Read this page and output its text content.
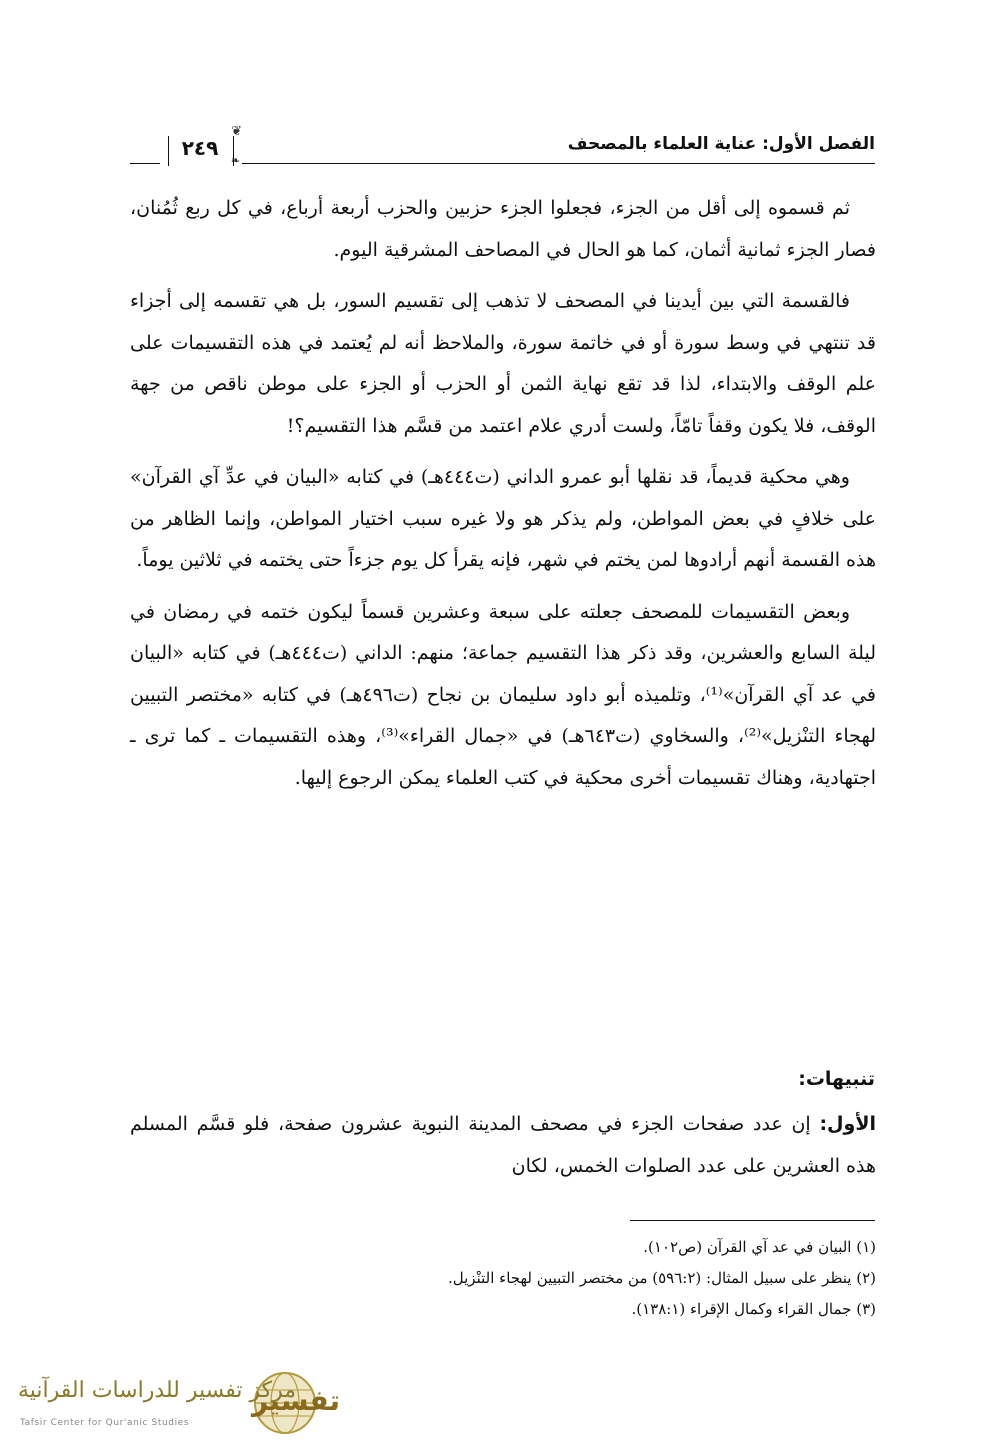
الفصل الأول: عناية العلماء بالمصحف
❦
❧
٢٤٩

ثم قسموه إلى أقل من الجزء، فجعلوا الجزء حزبين والحزب أربعة أرباع، في كل ربع ثُمُنان، فصار الجزء ثمانية أثمان، كما هو الحال في المصاحف المشرقية اليوم.

فالقسمة التي بين أيدينا في المصحف لا تذهب إلى تقسيم السور، بل هي تقسمه إلى أجزاء قد تنتهي في وسط سورة أو في خاتمة سورة، والملاحظ أنه لم يُعتمد في هذه التقسيمات على علم الوقف والابتداء، لذا قد تقع نهاية الثمن أو الحزب أو الجزء على موطن ناقص من جهة الوقف، فلا يكون وقفاً تامّاً، ولست أدري علام اعتمد من قسَّم هذا التقسيم؟!

وهي محكية قديماً، قد نقلها أبو عمرو الداني (ت٤٤٤هـ) في كتابه «البيان في عدِّ آي القرآن» على خلافٍ في بعض المواطن، ولم يذكر هو ولا غيره سبب اختيار المواطن، وإنما الظاهر من هذه القسمة أنهم أرادوها لمن يختم في شهر، فإنه يقرأ كل يوم جزءاً حتى يختمه في ثلاثين يوماً.

وبعض التقسيمات للمصحف جعلته على سبعة وعشرين قسماً ليكون ختمه في رمضان في ليلة السابع والعشرين، وقد ذكر هذا التقسيم جماعة؛ منهم: الداني (ت٤٤٤هـ) في كتابه «البيان في عد آي القرآن»⁽¹⁾، وتلميذه أبو داود سليمان بن نجاح (ت٤٩٦هـ) في كتابه «مختصر التبيين لهجاء التنْزيل»⁽²⁾، والسخاوي (ت٦٤٣هـ) في «جمال القراء»⁽³⁾، وهذه التقسيمات ـ كما ترى ـ اجتهادية، وهناك تقسيمات أخرى محكية في كتب العلماء يمكن الرجوع إليها.

تنبيهات:
الأول: إن عدد صفحات الجزء في مصحف المدينة النبوية عشرون صفحة، فلو قسَّم المسلم هذه العشرين على عدد الصلوات الخمس، لكان
(١) البيان في عد آي القرآن (ص١٠٢).
(٢) ينظر على سبيل المثال: (٥٩٦:٢) من مختصر التبيين لهجاء التنْزيل.
(٣) جمال القراء وكمال الإقراء (١٣٨:١).
تفسير
مركز تفسير للدراسات القرآنية
Tafsir Center for Qur'anic Studies
